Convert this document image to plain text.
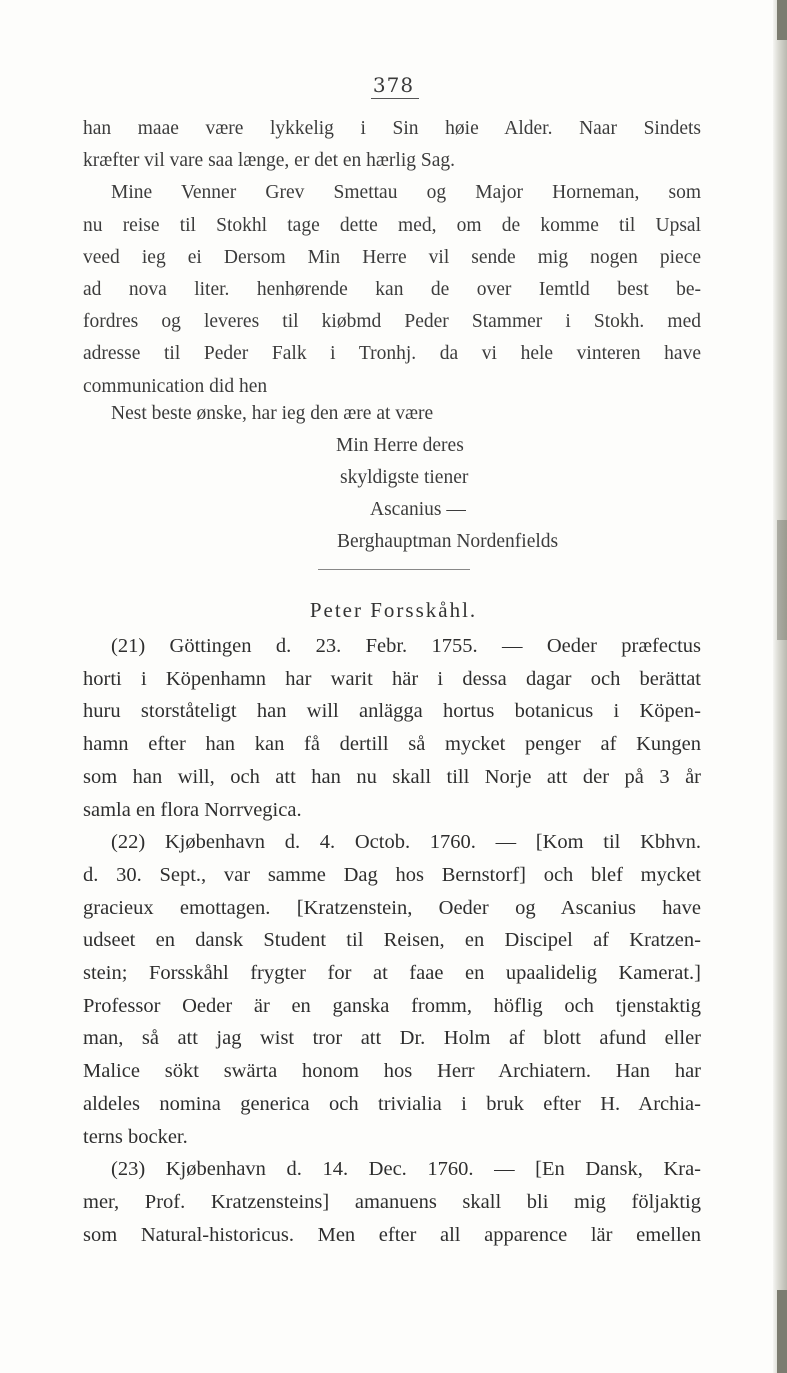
378
han maae være lykkelig i Sin høie Alder. Naar Sindets
kræfter vil vare saa længe, er det en hærlig Sag.
Mine Venner Grev Smettau og Major Horneman, som
nu reise til Stokhl tage dette med, om de komme til Upsal
veed ieg ei Dersom Min Herre vil sende mig nogen piece
ad nova liter. henhørende kan de over Iemtld best be-
fordres og leveres til kiøbmd Peder Stammer i Stokh. med
adresse til Peder Falk i Tronhj. da vi hele vinteren have
communication did hen
Nest beste ønske, har ieg den ære at være
Min Herre deres
skyldigste tiener
Ascanius —
Berghauptman Nordenfields
Peter Forsskåhl.
(21) Göttingen d. 23. Febr. 1755. — Oeder præfectus
horti i Köpenhamn har warit här i dessa dagar och berättat
huru storståteligt han will anlägga hortus botanicus i Köpen-
hamn efter han kan få dertill så mycket penger af Kungen
som han will, och att han nu skall till Norje att der på 3 år
samla en flora Norrvegica.
(22) Kjøbenhavn d. 4. Octob. 1760. — [Kom til Kbhvn.
d. 30. Sept., var samme Dag hos Bernstorf] och blef mycket
gracieux emottagen. [Kratzenstein, Oeder og Ascanius have
udseet en dansk Student til Reisen, en Discipel af Kratzen-
stein; Forsskåhl frygter for at faae en upaalidelig Kamerat.]
Professor Oeder är en ganska fromm, höflig och tjenstaktig
man, så att jag wist tror att Dr. Holm af blott afund eller
Malice sökt swärta honom hos Herr Archiatern. Han har
aldeles nomina generica och trivialia i bruk efter H. Archia-
terns bocker.
(23) Kjøbenhavn d. 14. Dec. 1760. — [En Dansk, Kra-
mer, Prof. Kratzensteins] amanuens skall bli mig följaktig
som Natural-historicus. Men efter all apparence lär emellen
